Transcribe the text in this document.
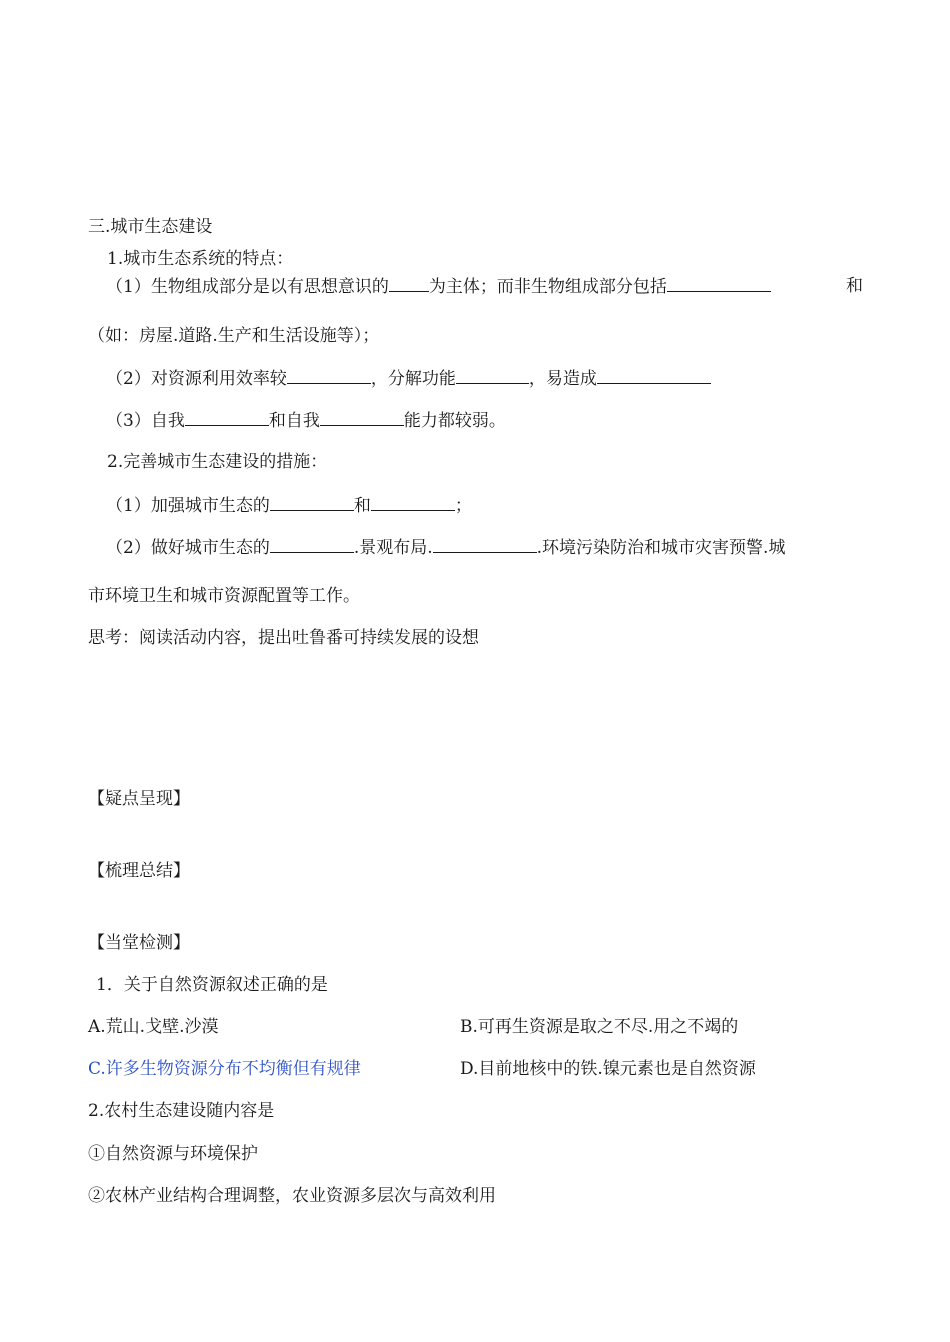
三.城市生态建设
1.城市生态系统的特点：
（1）生物组成部分是以有思想意识的 为主体；而非生物组成部分包括	和
（如：房屋.道路.生产和生活设施等）；
（2）对资源利用效率较	，分解功能	，易造成
（3）自我	和自我	能力都较弱。
2.完善城市生态建设的措施：
（1）加强城市生态的	和	；
（2）做好城市生态的	.景观布局.	.环境污染防治和城市灾害预警.城
市环境卫生和城市资源配置等工作。
思考：阅读活动内容，提出吐鲁番可持续发展的设想
【疑点呈现】
【梳理总结】
【当堂检测】
1．关于自然资源叙述正确的是
A.荒山.戈壁.沙漠	B.可再生资源是取之不尽.用之不竭的
C.许多生物资源分布不均衡但有规律	D.目前地核中的铁.镍元素也是自然资源
2.农村生态建设随内容是
①自然资源与环境保护
②农林产业结构合理调整，农业资源多层次与高效利用
